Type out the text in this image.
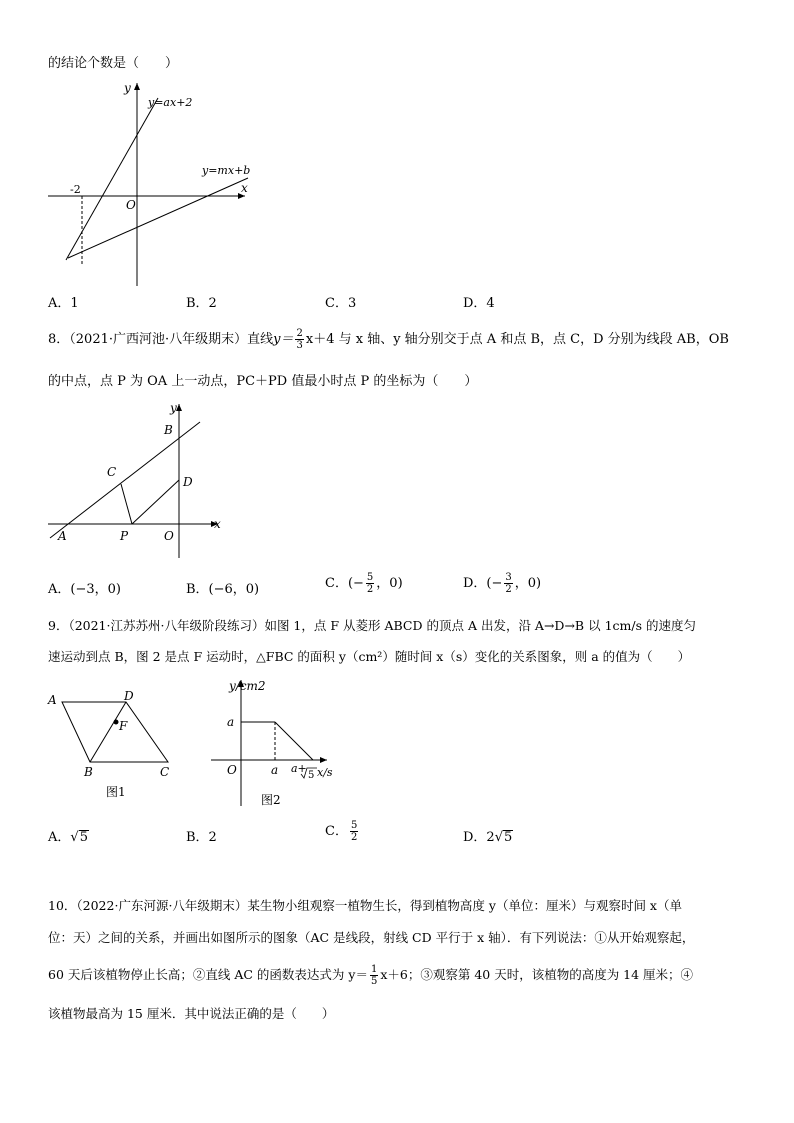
的结论个数是（　　）
y
x
O
y=ax+2
y=mx+b
-2
A．1	B．2	C．3	D．4
8．（2021·广西河池·八年级期末）直线$y= \frac{2}{3} x+4$ 与 x 轴、y 轴分别交于点 A 和点 B，点 C，D 分别为线段 AB，OB
的中点，点 P 为 OA 上一动点，PC＋PD 值最小时点 P 的坐标为（　　）
y
x
B
C
D
A	P	O
A．(−3，0)	B．(−6，0)	C．(− $\frac{5}{2}$ ，0)	D．(− $\frac{3}{2}$ ，0)
9．（2021·江苏苏州·八年级阶段练习）如图 1，点 F 从菱形 ABCD 的顶点 A 出发，沿 A→D→B 以 1cm/s 的速度匀
速运动到点 B，图 2 是点 F 运动时，△FBC 的面积 y（cm²）随时间 x（s）变化的关系图象，则 a 的值为（　　）
A	D
F
B	C
图1
y/cm2
a
O	a a+
5 x/s
图2
A．√5	B．2	C． $\frac{5}{2}$	D．2√5
10．（2022·广东河源·八年级期末）某生物小组观察一植物生长，得到植物高度 y（单位：厘米）与观察时间 x（单
位：天）之间的关系，并画出如图所示的图象（AC 是线段，射线 CD 平行于 x 轴）．有下列说法：①从开始观察起，
60 天后该植物停止长高；②直线 AC 的函数表达式为 $y= \frac{1}{5} x+6$；③观察第 40 天时，该植物的高度为 14 厘米；④
该植物最高为 15 厘米．其中说法正确的是（　　）
